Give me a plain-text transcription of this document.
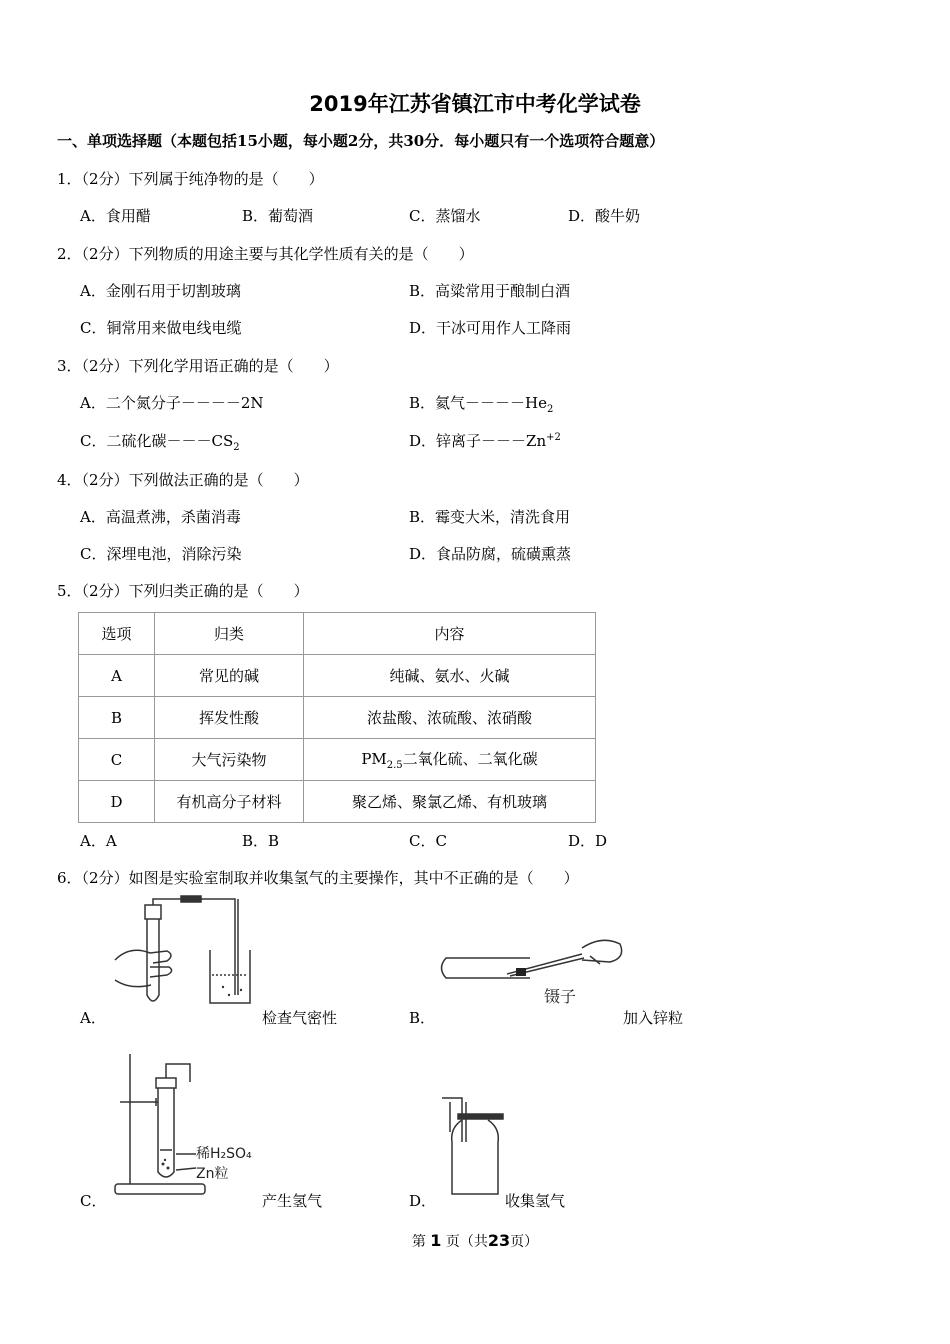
2019年江苏省镇江市中考化学试卷
一、单项选择题（本题包括15小题，每小题2分，共30分．每小题只有一个选项符合题意）
1．（2分）下列属于纯净物的是（　　）
A．食用醋	B．葡萄酒	C．蒸馏水	D．酸牛奶
2．（2分）下列物质的用途主要与其化学性质有关的是（　　）
A．金刚石用于切割玻璃	B．高粱常用于酿制白酒
C．铜常用来做电线电缆	D．干冰可用作人工降雨
3．（2分）下列化学用语正确的是（　　）
A．二个氮分子－－－－2N	B．氦气$----He_2$
C．二硫化碳$---CS_2$	D．锌离子$---Zn^{+2}$
4．（2分）下列做法正确的是（　　）
A．高温煮沸，杀菌消毒	B．霉变大米，清洗食用
C．深埋电池，消除污染	D．食品防腐，硫磺熏蒸
5．（2分）下列归类正确的是（　　）
选项	归类	内容
A	常见的碱	纯碱、氨水、火碱
B	挥发性酸	浓盐酸、浓硫酸、浓硝酸
C	大气污染物	$PM_{2.5}$二氧化硫、二氧化碳
D	有机高分子材料	聚乙烯、聚氯乙烯、有机玻璃
A．A	B．B	C．C	D．D
6．（2分）如图是实验室制取并收集氢气的主要操作，其中不正确的是（　　）
A．	检查气密性
镊子
B．	加入锌粒
稀H₂SO₄
Zn粒
C．	产生氢气	D．	收集氢气
第 1 页（共23页）
